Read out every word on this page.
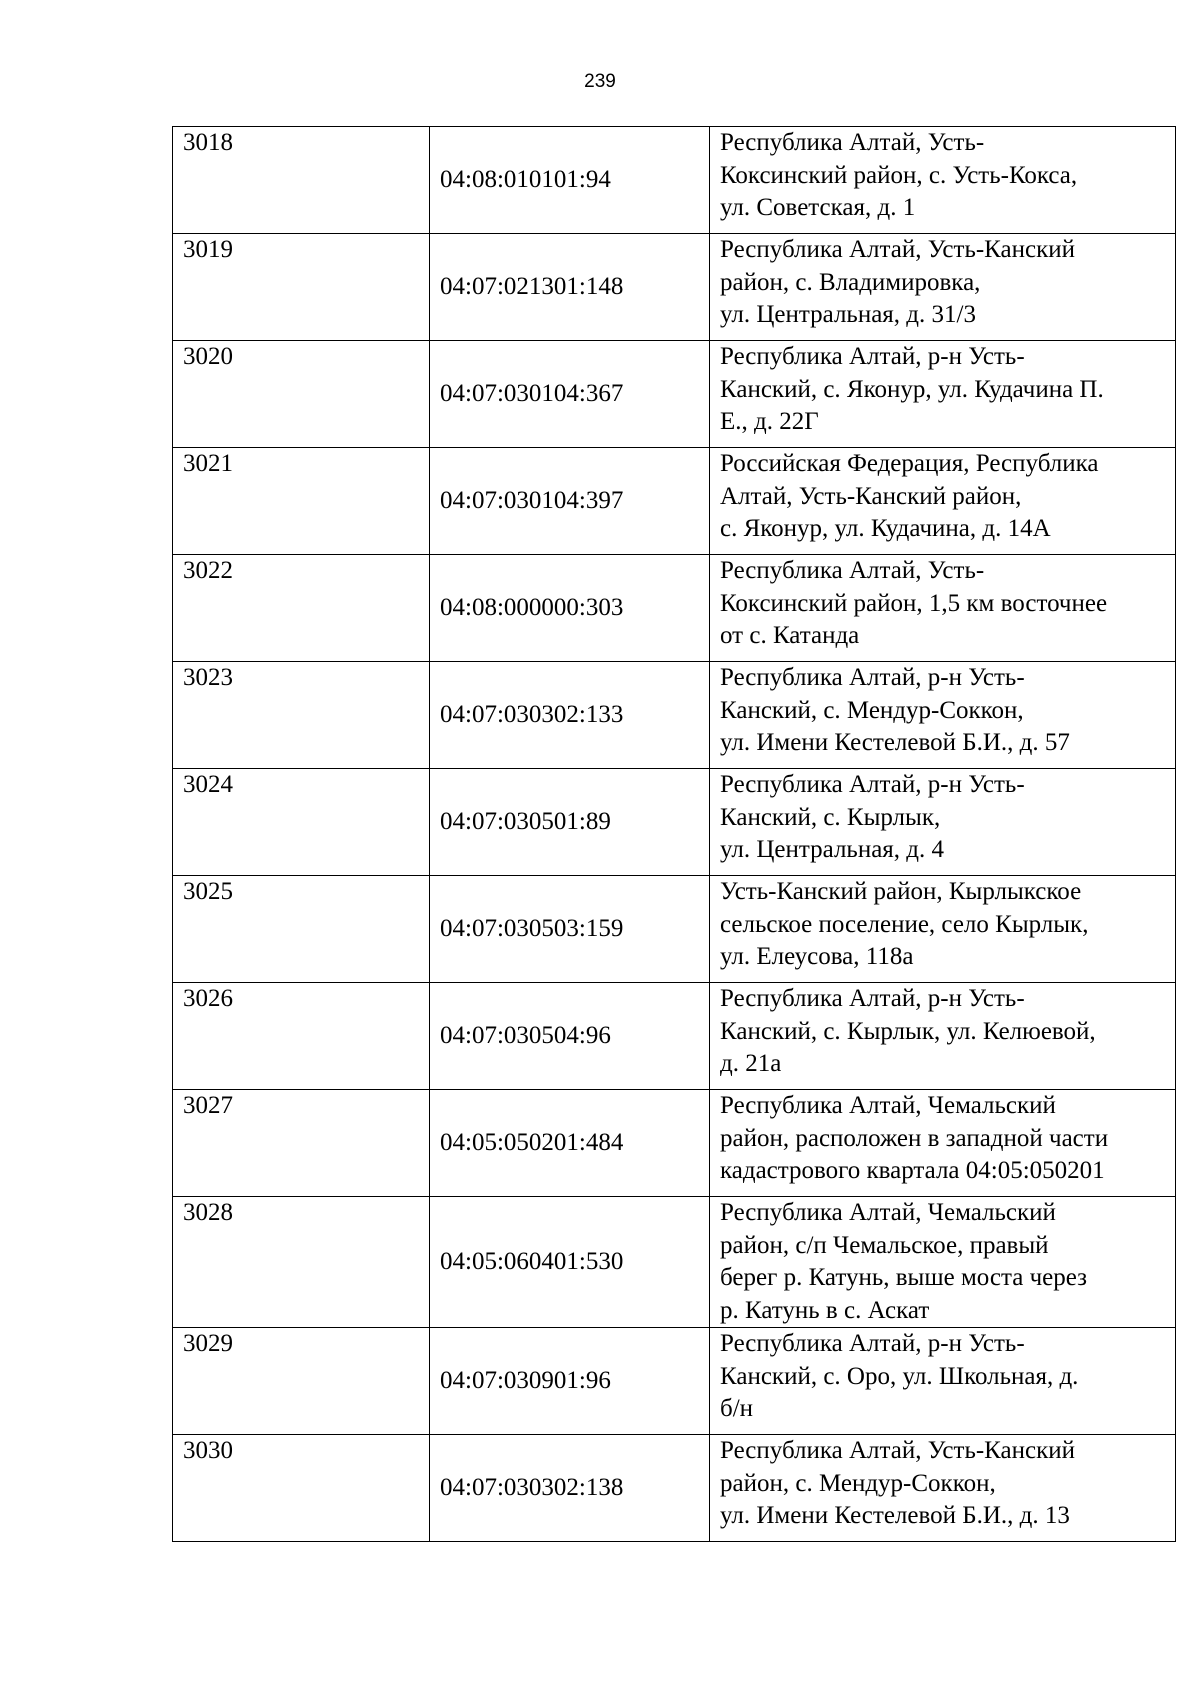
239
3018	04:08:010101:94	Республика Алтай, Усть-
Коксинский район, с. Усть-Кокса,
ул. Советская, д. 1

3019	04:07:021301:148	Республика Алтай, Усть-Канский
район, с. Владимировка,
ул. Центральная, д. 31/3

3020	04:07:030104:367	Республика Алтай, р-н Усть-
Канский, с. Яконур, ул. Кудачина П.
Е., д. 22Г

3021	04:07:030104:397	Российская Федерация, Республика
Алтай, Усть-Канский район,
с. Яконур, ул. Кудачина, д. 14А

3022	04:08:000000:303	Республика Алтай, Усть-
Коксинский район, 1,5 км восточнее
от с. Катанда

3023	04:07:030302:133	Республика Алтай, р-н Усть-
Канский, с. Мендур-Соккон,
ул. Имени Кестелевой Б.И., д. 57

3024	04:07:030501:89	Республика Алтай, р-н Усть-
Канский, с. Кырлык,
ул. Центральная, д. 4

3025	04:07:030503:159	Усть-Канский район, Кырлыкское
сельское поселение, село Кырлык,
ул. Елеусова, 118а

3026	04:07:030504:96	Республика Алтай, р-н Усть-
Канский, с. Кырлык, ул. Келюевой,
д. 21а

3027	04:05:050201:484	Республика Алтай, Чемальский
район, расположен в западной части
кадастрового квартала 04:05:050201

3028	04:05:060401:530	Республика Алтай, Чемальский
район, с/п Чемальское, правый
берег р. Катунь, выше моста через
р. Катунь в с. Аскат

3029	04:07:030901:96	Республика Алтай, р-н Усть-
Канский, с. Оро, ул. Школьная, д.
б/н

3030	04:07:030302:138	Республика Алтай, Усть-Канский
район, с. Мендур-Соккон,
ул. Имени Кестелевой Б.И., д. 13
